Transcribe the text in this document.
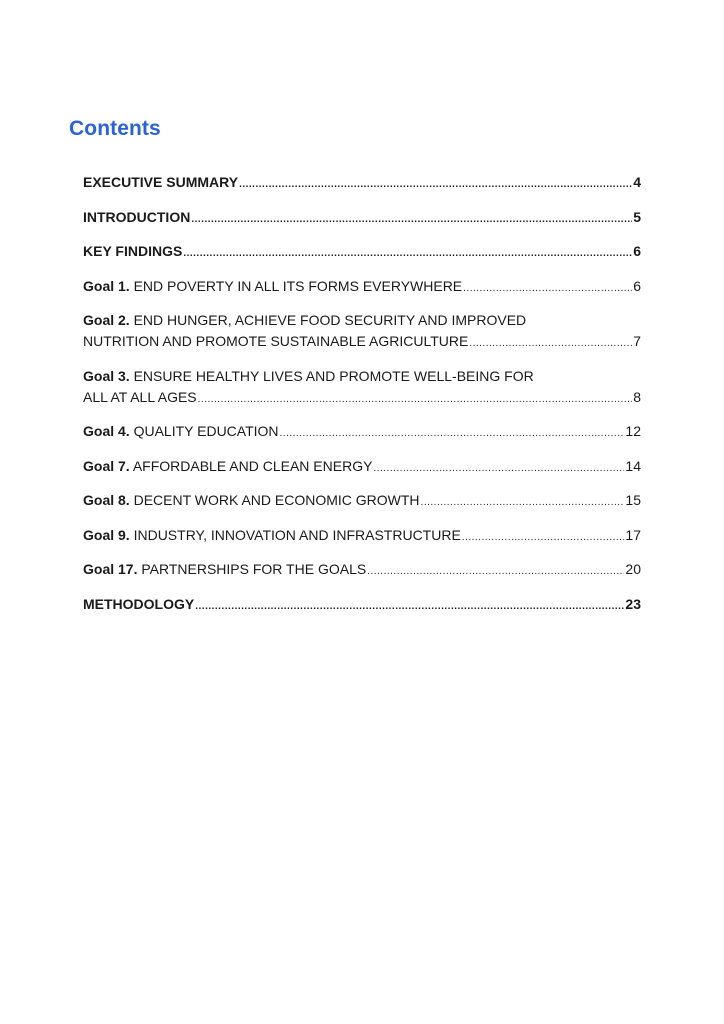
Contents
EXECUTIVE SUMMARY .....	4
INTRODUCTION .....	5
KEY FINDINGS .....	6
Goal 1. END POVERTY IN ALL ITS FORMS EVERYWHERE .....	6
Goal 2. END HUNGER, ACHIEVE FOOD SECURITY AND IMPROVED
NUTRITION AND PROMOTE SUSTAINABLE AGRICULTURE .....	7
Goal 3. ENSURE HEALTHY LIVES AND PROMOTE WELL-BEING FOR
ALL AT ALL AGES .....	8
Goal 4. QUALITY EDUCATION .....	12
Goal 7. AFFORDABLE AND CLEAN ENERGY .....	14
Goal 8. DECENT WORK AND ECONOMIC GROWTH .....	15
Goal 9. INDUSTRY, INNOVATION AND INFRASTRUCTURE .....	17
Goal 17. PARTNERSHIPS FOR THE GOALS .....	20
METHODOLOGY .....	23
